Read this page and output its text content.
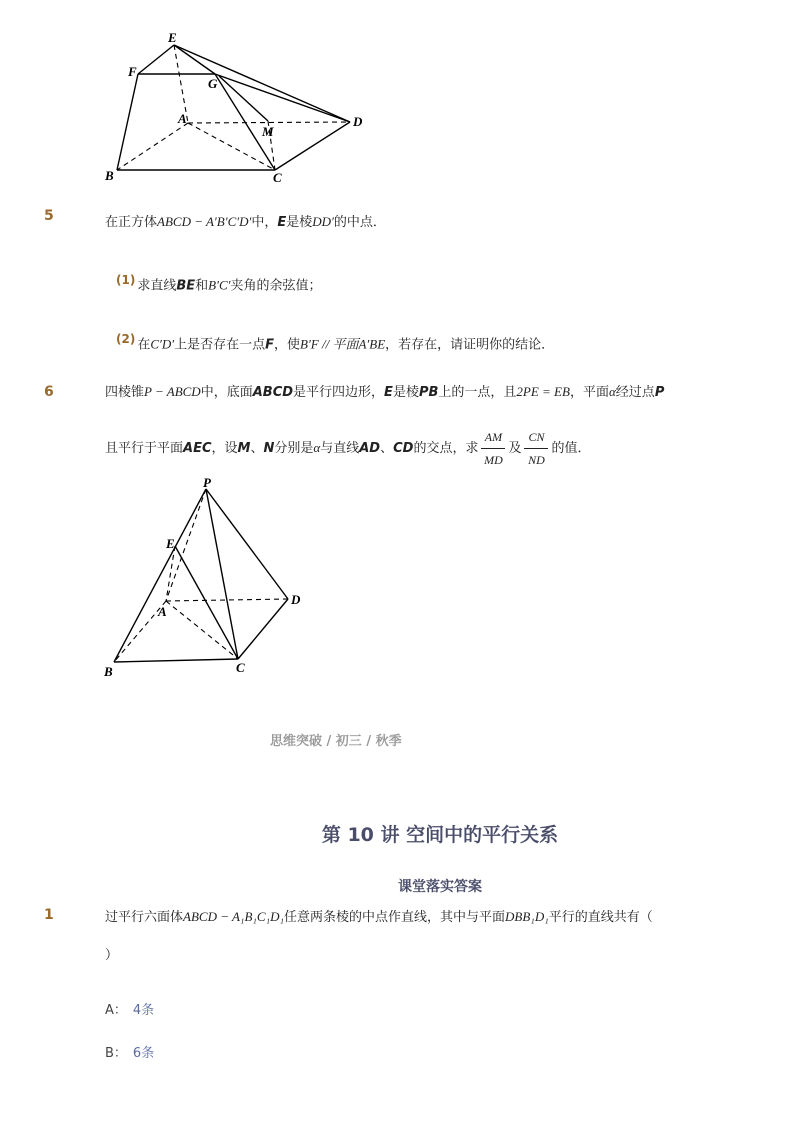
E
F
G
A
M
D
B	C
5	在正方体ABCD − A′B′C′D′中，E是棱DD′的中点．
(1) 求直线BE和B′C′夹角的余弦值；
(2) 在C′D′上是否存在一点F，使B′F // 平面A′BE，若存在，请证明你的结论．
6	四棱锥P − ABCD中，底面ABCD是平行四边形，E是棱PB上的一点，且2PE = EB，平面α经过点P
且平行于平面AEC，设M、N分别是α与直线AD、CD的交点，求 $\frac{AM}{MD}$ 及 $\frac{CN}{ND}$ 的值．
P
E
A
D
B	C
思维突破 / 初三 / 秋季
第 10 讲 空间中的平行关系
课堂落实答案
1	过平行六面体ABCD − A₁B₁C₁D₁任意两条棱的中点作直线，其中与平面DBB₁D₁平行的直线共有（
）
A： 4条
B： 6条
